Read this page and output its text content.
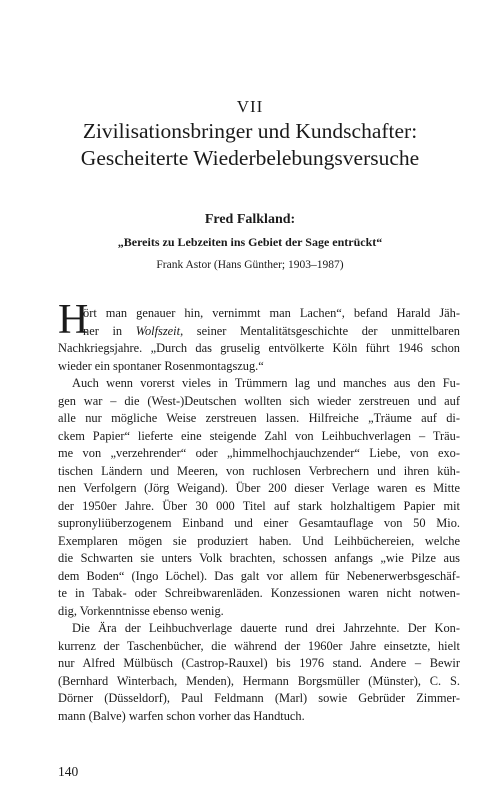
VII
Zivilisationsbringer und Kundschafter:
Gescheiterte Wiederbelebungsversuche
Fred Falkland:
„Bereits zu Lebzeiten ins Gebiet der Sage entrückt“
Frank Astor (Hans Günther; 1903–1987)
H

ört man genauer hin, vernimmt man Lachen“, befand Harald Jäh-
ner in Wolfszeit, seiner Mentalitätsgeschichte der unmittelbaren
Nachkriegsjahre. „Durch das gruselig entvölkerte Köln führt 1946 schon
wieder ein spontaner Rosenmontagszug.“

Auch wenn vorerst vieles in Trümmern lag und manches aus den Fu-
gen war – die (West-)Deutschen wollten sich wieder zerstreuen und auf
alle nur mögliche Weise zerstreuen lassen. Hilfreiche „Träume auf di-
ckem Papier“ lieferte eine steigende Zahl von Leihbuchverlagen – Träu-
me von „verzehrender“ oder „himmelhochjauchzender“ Liebe, von exo-
tischen Ländern und Meeren, von ruchlosen Verbrechern und ihren küh-
nen Verfolgern (Jörg Weigand). Über 200 dieser Verlage waren es Mitte
der 1950er Jahre. Über 30 000 Titel auf stark holzhaltigem Papier mit
supronyliüberzogenem Einband und einer Gesamtauflage von 50 Mio.
Exemplaren mögen sie produziert haben. Und Leihbüchereien, welche
die Schwarten sie unters Volk brachten, schossen anfangs „wie Pilze aus
dem Boden“ (Ingo Löchel). Das galt vor allem für Nebenerwerbsgeschäf-
te in Tabak- oder Schreibwarenläden. Konzessionen waren nicht notwen-
dig, Vorkenntnisse ebenso wenig.

Die Ära der Leihbuchverlage dauerte rund drei Jahrzehnte. Der Kon-
kurrenz der Taschenbücher, die während der 1960er Jahre einsetzte, hielt
nur Alfred Mülbüsch (Castrop-Rauxel) bis 1976 stand. Andere – Bewir
(Bernhard Winterbach, Menden), Hermann Borgsmüller (Münster), C. S.
Dörner (Düsseldorf), Paul Feldmann (Marl) sowie Gebrüder Zimmer-
mann (Balve) warfen schon vorher das Handtuch.

140
